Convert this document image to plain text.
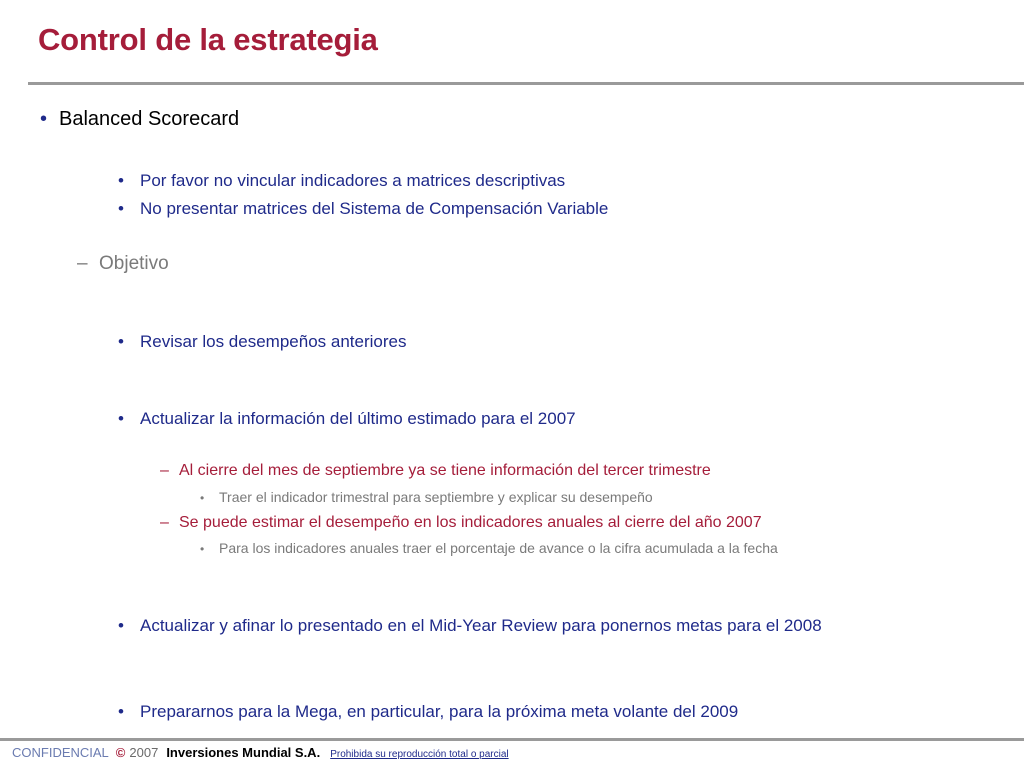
Control de la estrategia
• Balanced Scorecard
• Por favor no vincular indicadores a matrices descriptivas
• No presentar matrices del Sistema de Compensación Variable
– Objetivo
• Revisar los desempeños anteriores
• Actualizar la información del último estimado para el 2007
– Al cierre del mes de septiembre ya se tiene información del tercer trimestre
• Traer el indicador trimestral para septiembre y explicar su desempeño
– Se puede estimar el desempeño en los indicadores anuales al cierre del año 2007
• Para los indicadores anuales traer el porcentaje de avance o la cifra acumulada a la fecha
• Actualizar y afinar lo presentado en el Mid-Year Review para ponernos metas para el 2008
• Prepararnos para la Mega, en particular, para la próxima meta volante del 2009
CONFIDENCIAL © 2007 Inversiones Mundial S.A. Prohibida su reproducción total o parcial
